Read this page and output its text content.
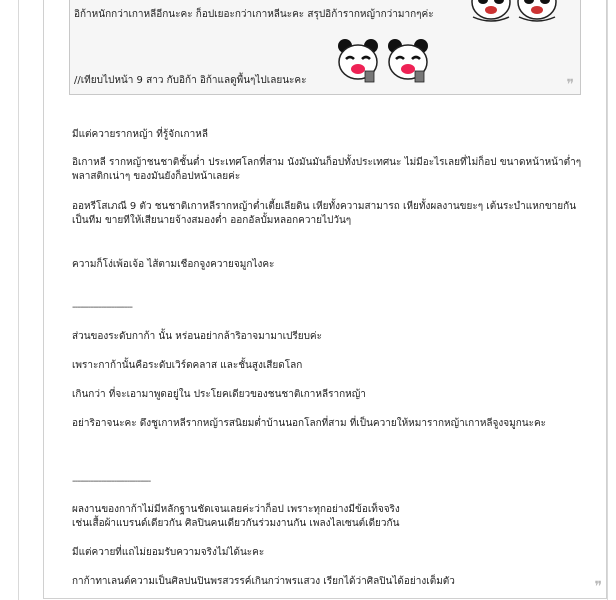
อิก้าหนักกว่าเกาหลีอีกนะคะ ก็อปเยอะกว่าเกาหลีนะคะ สรุปอิก้ารากหญ้ากว่ามากๆค่ะ
//เทียบไปหน้า 9 สาว กับอิก้า อิก้าแลดูพื้นๆไปเลยนะคะ	❞
มีแต่ควายรากหญ้า ที่รู้จักเกาหลี
อิเกาหลี รากหญ้าชนชาติชั้นต่ำ ประเทศโลกที่สาม นังมันมันก็อปทั้งประเทศนะ ไม่มีอะไรเลยที่ไม่ก็อป ขนาดหน้าหน้าต่ำๆ
พลาสติกเน่าๆ ของมันยังก็อปหน้าเลยค่ะ
ออหรีโสเภณี 9 ตัว ชนชาติเกาหลีรากหญ้าต่ำเตี้ยเลียดิน เหียทั้งความสามารถ เหียทั้งผลงานขยะๆ เต้นระบำแหกขายกัน
เป็นทีม ขายทีให้เสียนายจ้างสมองต่ำ ออกอัลบั้มหลอกควายไปวันๆ
ความก็โง่เพ้อเจ้อ ไส้ตามเชือกจูงควายจมูกไงคะ
-----------------------
ส่วนของระดับกาก้า นั้น หร่อนอย่ากล้าริอาจมามาเปรียบค่ะ
เพราะกาก้านั้นคือระดับเวิร์ดคลาส และชั้นสูงเสียดโลก
เกินกว่า ที่จะเอามาพูดอยู่ใน ประโยคเดียวของชนชาติเกาหลีรากหญ้า
อย่าริอาจนะคะ ดึงชูเกาหลีรากหญ้ารสนิยมต่ำบ้านนอกโลกที่สาม ที่เป็นควายให้หมารากหญ้าเกาหลีจูงจมูกนะคะ
------------------------------
ผลงานของกาก้าไม่มีหลักฐานชัดเจนเลยค่ะว่าก็อป เพราะทุกอย่างมีข้อเท็จจริง
เช่นเสื้อผ้าแบรนด์เดียวกัน ศิลปินคนเดียวกันร่วมงานกัน เพลงไลเซนต์เดียวกัน
มีแต่ควายที่แถไม่ยอมรับความจริงไม่ได้นะคะ
กาก้าทาเลนต์ความเป็นศิลปนปินพรสวรรค์เกินกว่าพรแสวง เรียกได้ว่าศิลปินได้อย่างเต็มตัว	❞
